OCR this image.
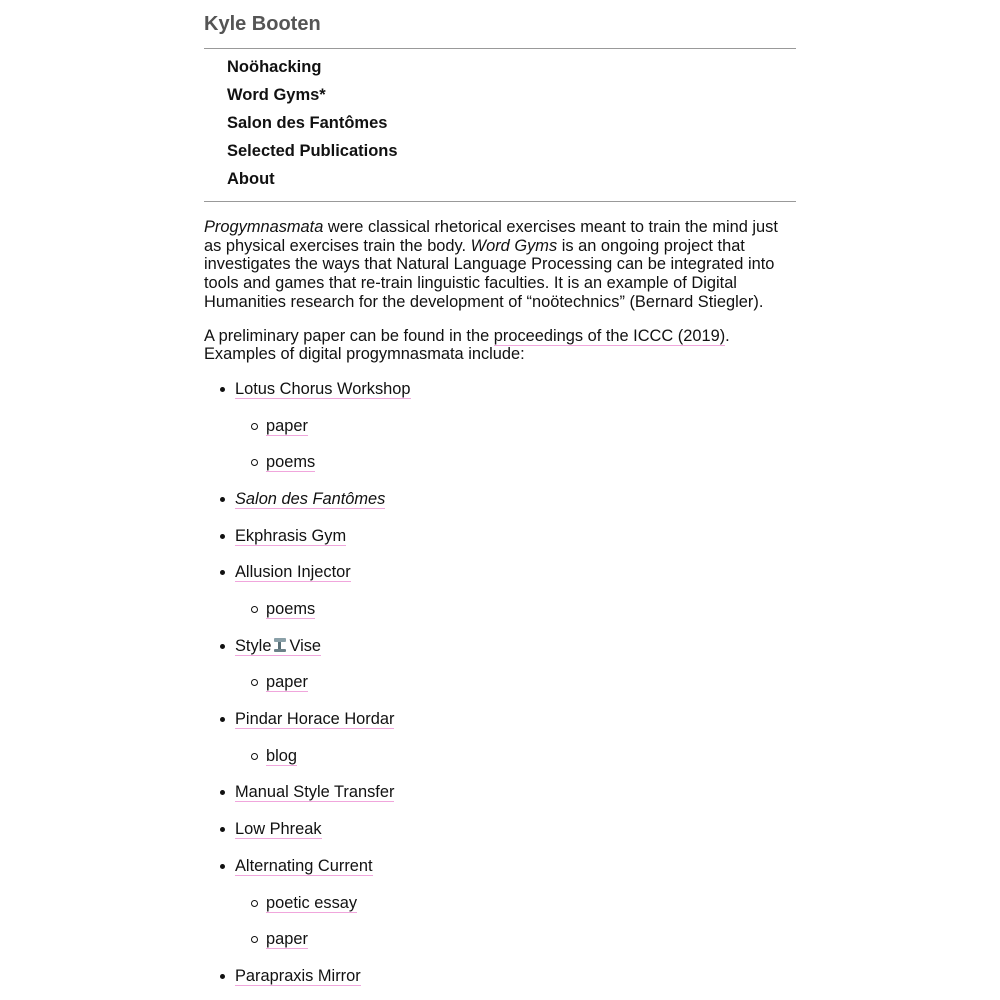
Kyle Booten
Noöhacking
Word Gyms*
Salon des Fantômes
Selected Publications
About

Progymnasmata were classical rhetorical exercises meant to train the mind just as physical exercises train the body. Word Gyms is an ongoing project that investigates the ways that Natural Language Processing can be integrated into tools and games that re-train linguistic faculties. It is an example of Digital Humanities research for the development of “noötechnics” (Bernard Stiegler).

A preliminary paper can be found in the proceedings of the ICCC (2019). Examples of digital progymnasmata include:

Lotus Chorus Workshop
paper
poems
Salon des Fantômes
Ekphrasis Gym
Allusion Injector
poems
Style Vise
paper
Pindar Horace Hordar
blog
Manual Style Transfer
Low Phreak
Alternating Current
poetic essay
paper
Parapraxis Mirror
